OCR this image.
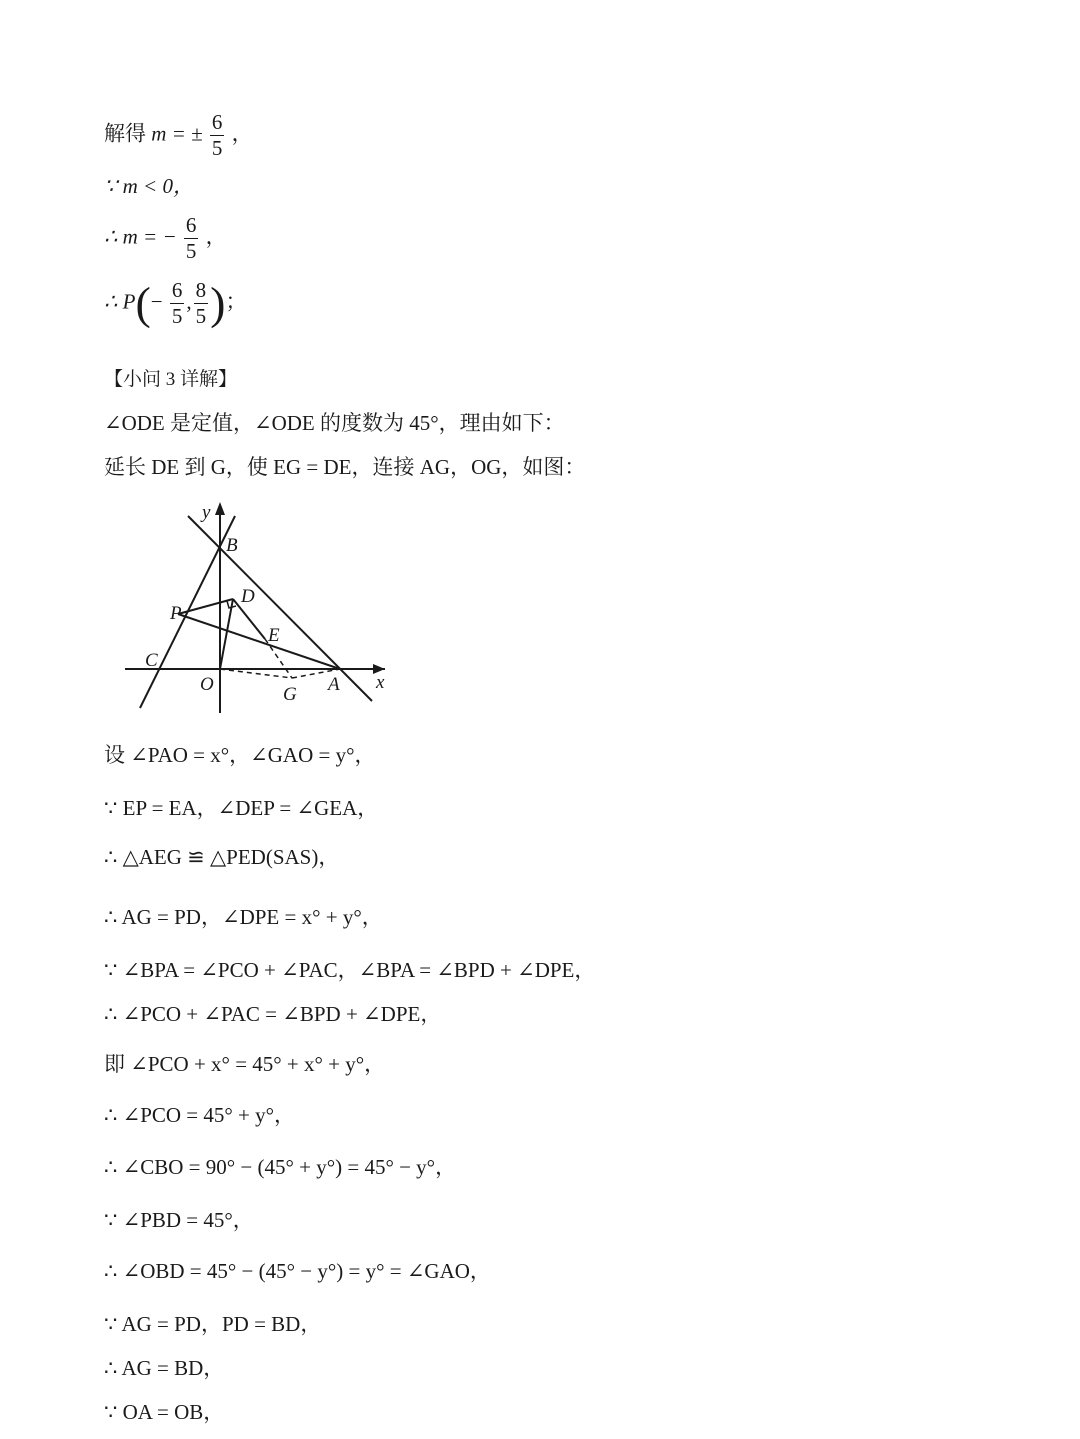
解得 m = ± $\frac{6}{5}$ ，
∵ m < 0，
∴ m = − $\frac{6}{5}$ ，
∴ $P(- \frac{6}{5}$ , $\frac{8}{5}$ )；
【小问 3 详解】
∠ODE 是定值，∠ODE 的度数为 45°，理由如下：
延长 DE 到 G，使 EG = DE，连接 AG，OG，如图：
y
B
D
P
E
C
O	G A x
设 ∠PAO = x°，∠GAO = y°，
∵ EP = EA，∠DEP = ∠GEA，
∴ △AEG ≌ △PED(SAS)，
∴ AG = PD，∠DPE = x° + y°，
∵ ∠BPA = ∠PCO + ∠PAC，∠BPA = ∠BPD + ∠DPE，
∴ ∠PCO + ∠PAC = ∠BPD + ∠DPE，
即 ∠PCO + x° = 45° + x° + y°，
∴ ∠PCO = 45° + y°，
∴ ∠CBO = 90° − (45° + y°) = 45° − y°，
∵ ∠PBD = 45°，
∴ ∠OBD = 45° − (45° − y°) = y° = ∠GAO，
∵ AG = PD，PD = BD，
∴ AG = BD，
∵ OA = OB，
